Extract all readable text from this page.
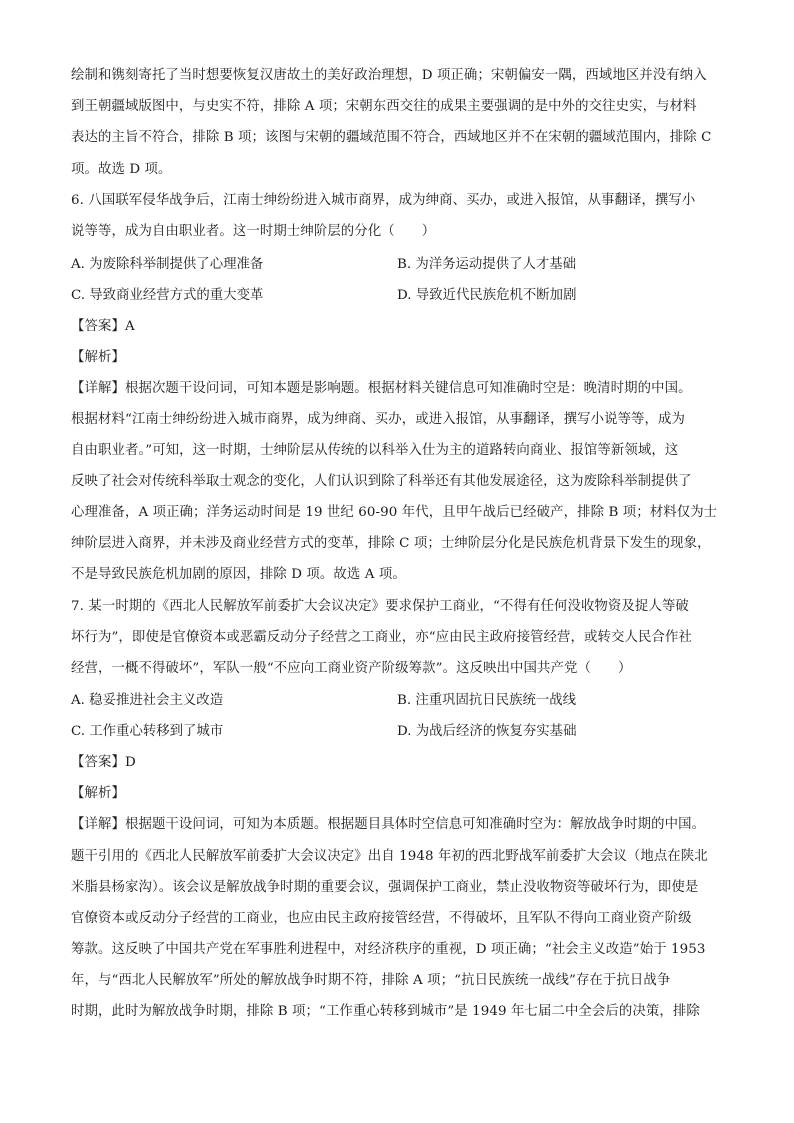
绘制和镌刻寄托了当时想要恢复汉唐故土的美好政治理想，D 项正确；宋朝偏安一隅，西域地区并没有纳入
到王朝疆域版图中，与史实不符，排除 A 项；宋朝东西交往的成果主要强调的是中外的交往史实，与材料
表达的主旨不符合，排除 B 项；该图与宋朝的疆域范围不符合，西域地区并不在宋朝的疆域范围内，排除 C
项。故选 D 项。
6. 八国联军侵华战争后，江南士绅纷纷进入城市商界，成为绅商、买办，或进入报馆，从事翻译，撰写小
说等等，成为自由职业者。这一时期士绅阶层的分化（　　）
A. 为废除科举制提供了心理准备	B. 为洋务运动提供了人才基础
C. 导致商业经营方式的重大变革	D. 导致近代民族危机不断加剧
【答案】A
【解析】
【详解】根据次题干设问词，可知本题是影响题。根据材料关键信息可知准确时空是：晚清时期的中国。
根据材料“江南士绅纷纷进入城市商界，成为绅商、买办，或进入报馆，从事翻译，撰写小说等等，成为
自由职业者。”可知，这一时期，士绅阶层从传统的以科举入仕为主的道路转向商业、报馆等新领域，这
反映了社会对传统科举取士观念的变化，人们认识到除了科举还有其他发展途径，这为废除科举制提供了
心理准备，A 项正确；洋务运动时间是 19 世纪 60-90 年代，且甲午战后已经破产，排除 B 项；材料仅为士
绅阶层进入商界，并未涉及商业经营方式的变革，排除 C 项；士绅阶层分化是民族危机背景下发生的现象，
不是导致民族危机加剧的原因，排除 D 项。故选 A 项。
7. 某一时期的《西北人民解放军前委扩大会议决定》要求保护工商业，“不得有任何没收物资及捉人等破
坏行为”，即使是官僚资本或恶霸反动分子经营之工商业，亦“应由民主政府接管经营，或转交人民合作社
经营，一概不得破坏”，军队一般“不应向工商业资产阶级筹款”。这反映出中国共产党（　　）
A. 稳妥推进社会主义改造	B. 注重巩固抗日民族统一战线
C. 工作重心转移到了城市	D. 为战后经济的恢复夯实基础
【答案】D
【解析】
【详解】根据题干设问词，可知为本质题。根据题目具体时空信息可知准确时空为：解放战争时期的中国。
题干引用的《西北人民解放军前委扩大会议决定》出自 1948 年初的西北野战军前委扩大会议（地点在陕北
米脂县杨家沟）。该会议是解放战争时期的重要会议，强调保护工商业，禁止没收物资等破坏行为，即使是
官僚资本或反动分子经营的工商业，也应由民主政府接管经营，不得破坏，且军队不得向工商业资产阶级
筹款。这反映了中国共产党在军事胜利进程中，对经济秩序的重视，D 项正确；“社会主义改造”始于 1953
年，与“西北人民解放军”所处的解放战争时期不符，排除 A 项；“抗日民族统一战线”存在于抗日战争
时期，此时为解放战争时期，排除 B 项；“工作重心转移到城市”是 1949 年七届二中全会后的决策，排除
